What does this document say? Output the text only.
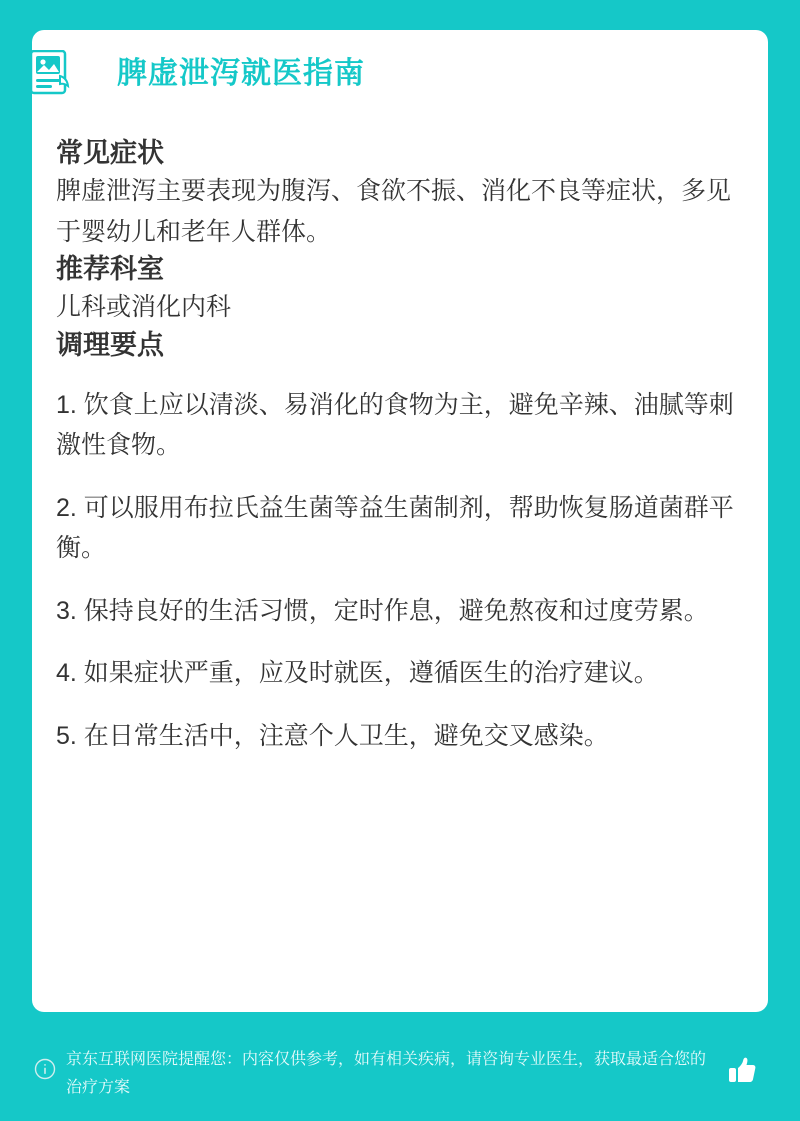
常见症状

脾虚泄泻主要表现为腹泻、食欲不振、消化不良等症状，多见于婴幼儿和老年人群体。

推荐科室

儿科或消化内科

调理要点
1. 饮食上应以清淡、易消化的食物为主，避免辛辣、油腻等刺激性食物。
2. 可以服用布拉氏益生菌等益生菌制剂，帮助恢复肠道菌群平衡。
3. 保持良好的生活习惯，定时作息，避免熬夜和过度劳累。
4. 如果症状严重，应及时就医，遵循医生的治疗建议。
5. 在日常生活中，注意个人卫生，避免交叉感染。
脾虚泄泻就医指南
京东互联网医院提醒您：内容仅供参考，如有相关疾病，请咨询专业医生，获取最适合您的治疗方案
